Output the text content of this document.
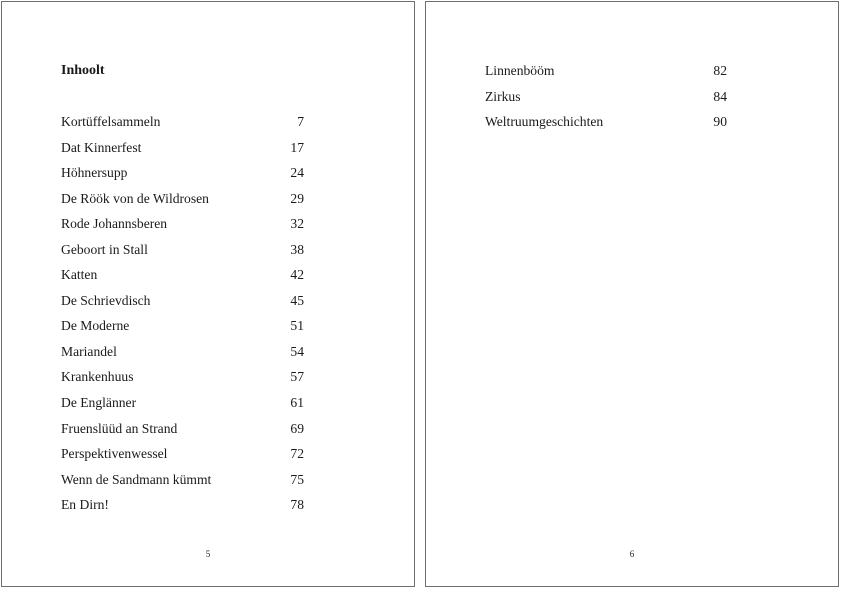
Inhoolt
Kortüffelsammeln	7
Dat Kinnerfest	17
Höhnersupp	24
De Röök von de Wildrosen	29
Rode Johannsberen	32
Geboort in Stall	38
Katten	42
De Schrievdisch	45
De Moderne	51
Mariandel	54
Krankenhuus	57
De Englänner	61
Fruenslüüd an Strand	69
Perspektivenwessel	72
Wenn de Sandmann kümmt	75
En Dirn!	78
5
Linnenbööm	82
Zirkus	84
Weltruumgeschichten	90
6
